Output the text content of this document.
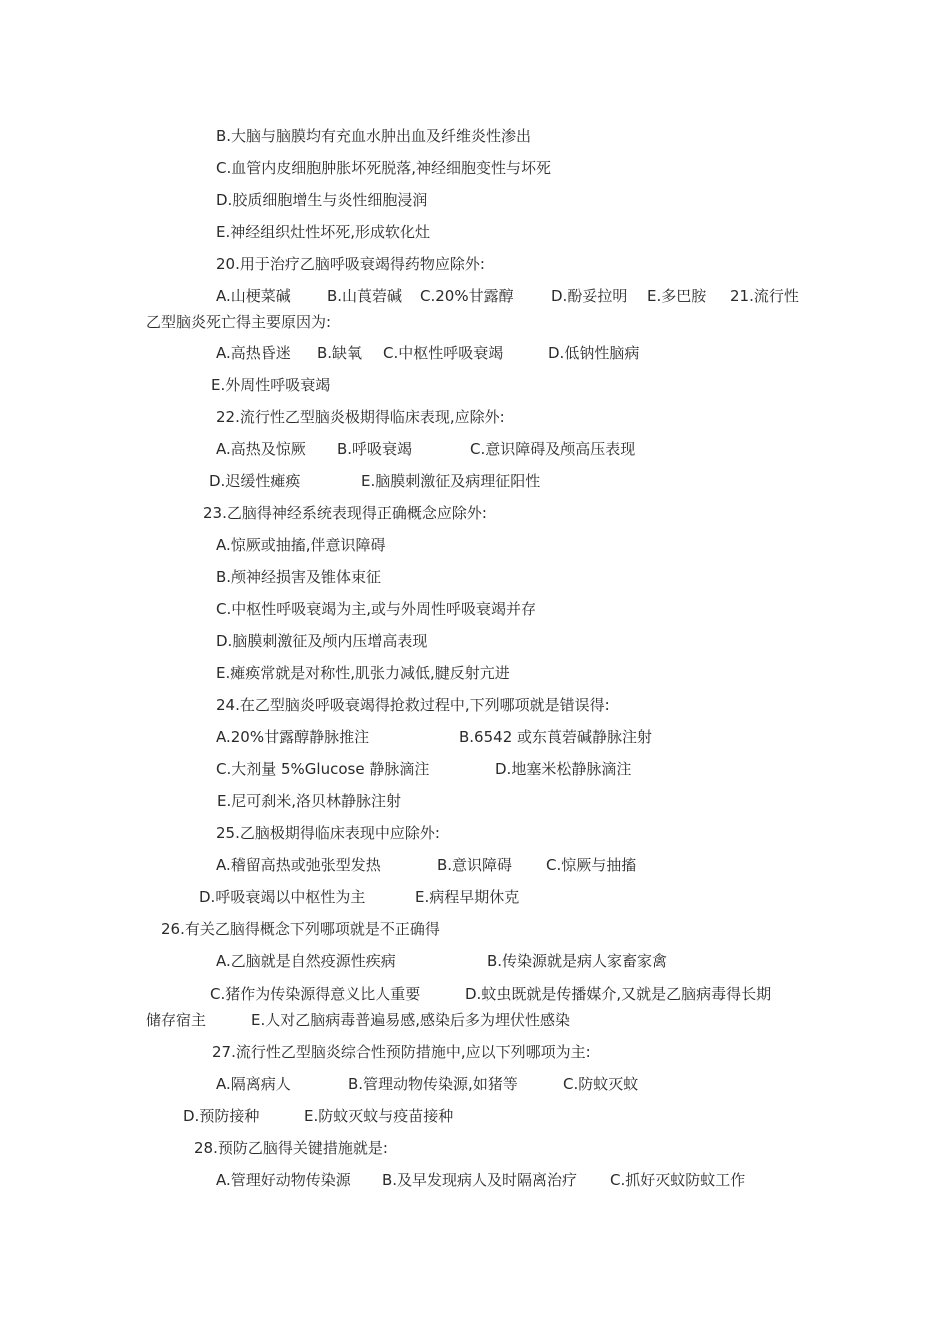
B.大脑与脑膜均有充血水肿出血及纤维炎性渗出
C.血管内皮细胞肿胀坏死脱落,神经细胞变性与坏死
D.胶质细胞增生与炎性细胞浸润
E.神经组织灶性坏死,形成软化灶
20.用于治疗乙脑呼吸衰竭得药物应除外:
A.山梗菜碱 B.山莨菪碱 C.20%甘露醇 D.酚妥拉明 E.多巴胺 21.流行性
乙型脑炎死亡得主要原因为:
A.高热昏迷 B.缺氧 C.中枢性呼吸衰竭	D.低钠性脑病
E.外周性呼吸衰竭
22.流行性乙型脑炎极期得临床表现,应除外:
A.高热及惊厥 B.呼吸衰竭	C.意识障碍及颅高压表现
D.迟缓性瘫痪	E.脑膜刺激征及病理征阳性
23.乙脑得神经系统表现得正确概念应除外:
A.惊厥或抽搐,伴意识障碍
B.颅神经损害及锥体束征
C.中枢性呼吸衰竭为主,或与外周性呼吸衰竭并存
D.脑膜刺激征及颅内压增高表现
E.瘫痪常就是对称性,肌张力减低,腱反射亢进
24.在乙型脑炎呼吸衰竭得抢救过程中,下列哪项就是错误得:
A.20%甘露醇静脉推注	B.6542 或东莨菪碱静脉注射
C.大剂量 5%Glucose 静脉滴注	D.地塞米松静脉滴注
E.尼可刹米,洛贝林静脉注射
25.乙脑极期得临床表现中应除外:
A.稽留高热或弛张型发热	B.意识障碍 C.惊厥与抽搐
D.呼吸衰竭以中枢性为主	E.病程早期休克
26.有关乙脑得概念下列哪项就是不正确得
A.乙脑就是自然疫源性疾病	B.传染源就是病人家畜家禽
C.猪作为传染源得意义比人重要	D.蚊虫既就是传播媒介,又就是乙脑病毒得长期
储存宿主	E.人对乙脑病毒普遍易感,感染后多为埋伏性感染
27.流行性乙型脑炎综合性预防措施中,应以下列哪项为主:
A.隔离病人	B.管理动物传染源,如猪等	C.防蚊灭蚊
D.预防接种	E.防蚊灭蚊与疫苗接种
28.预防乙脑得关键措施就是:
A.管理好动物传染源 B.及早发现病人及时隔离治疗 C.抓好灭蚊防蚊工作
